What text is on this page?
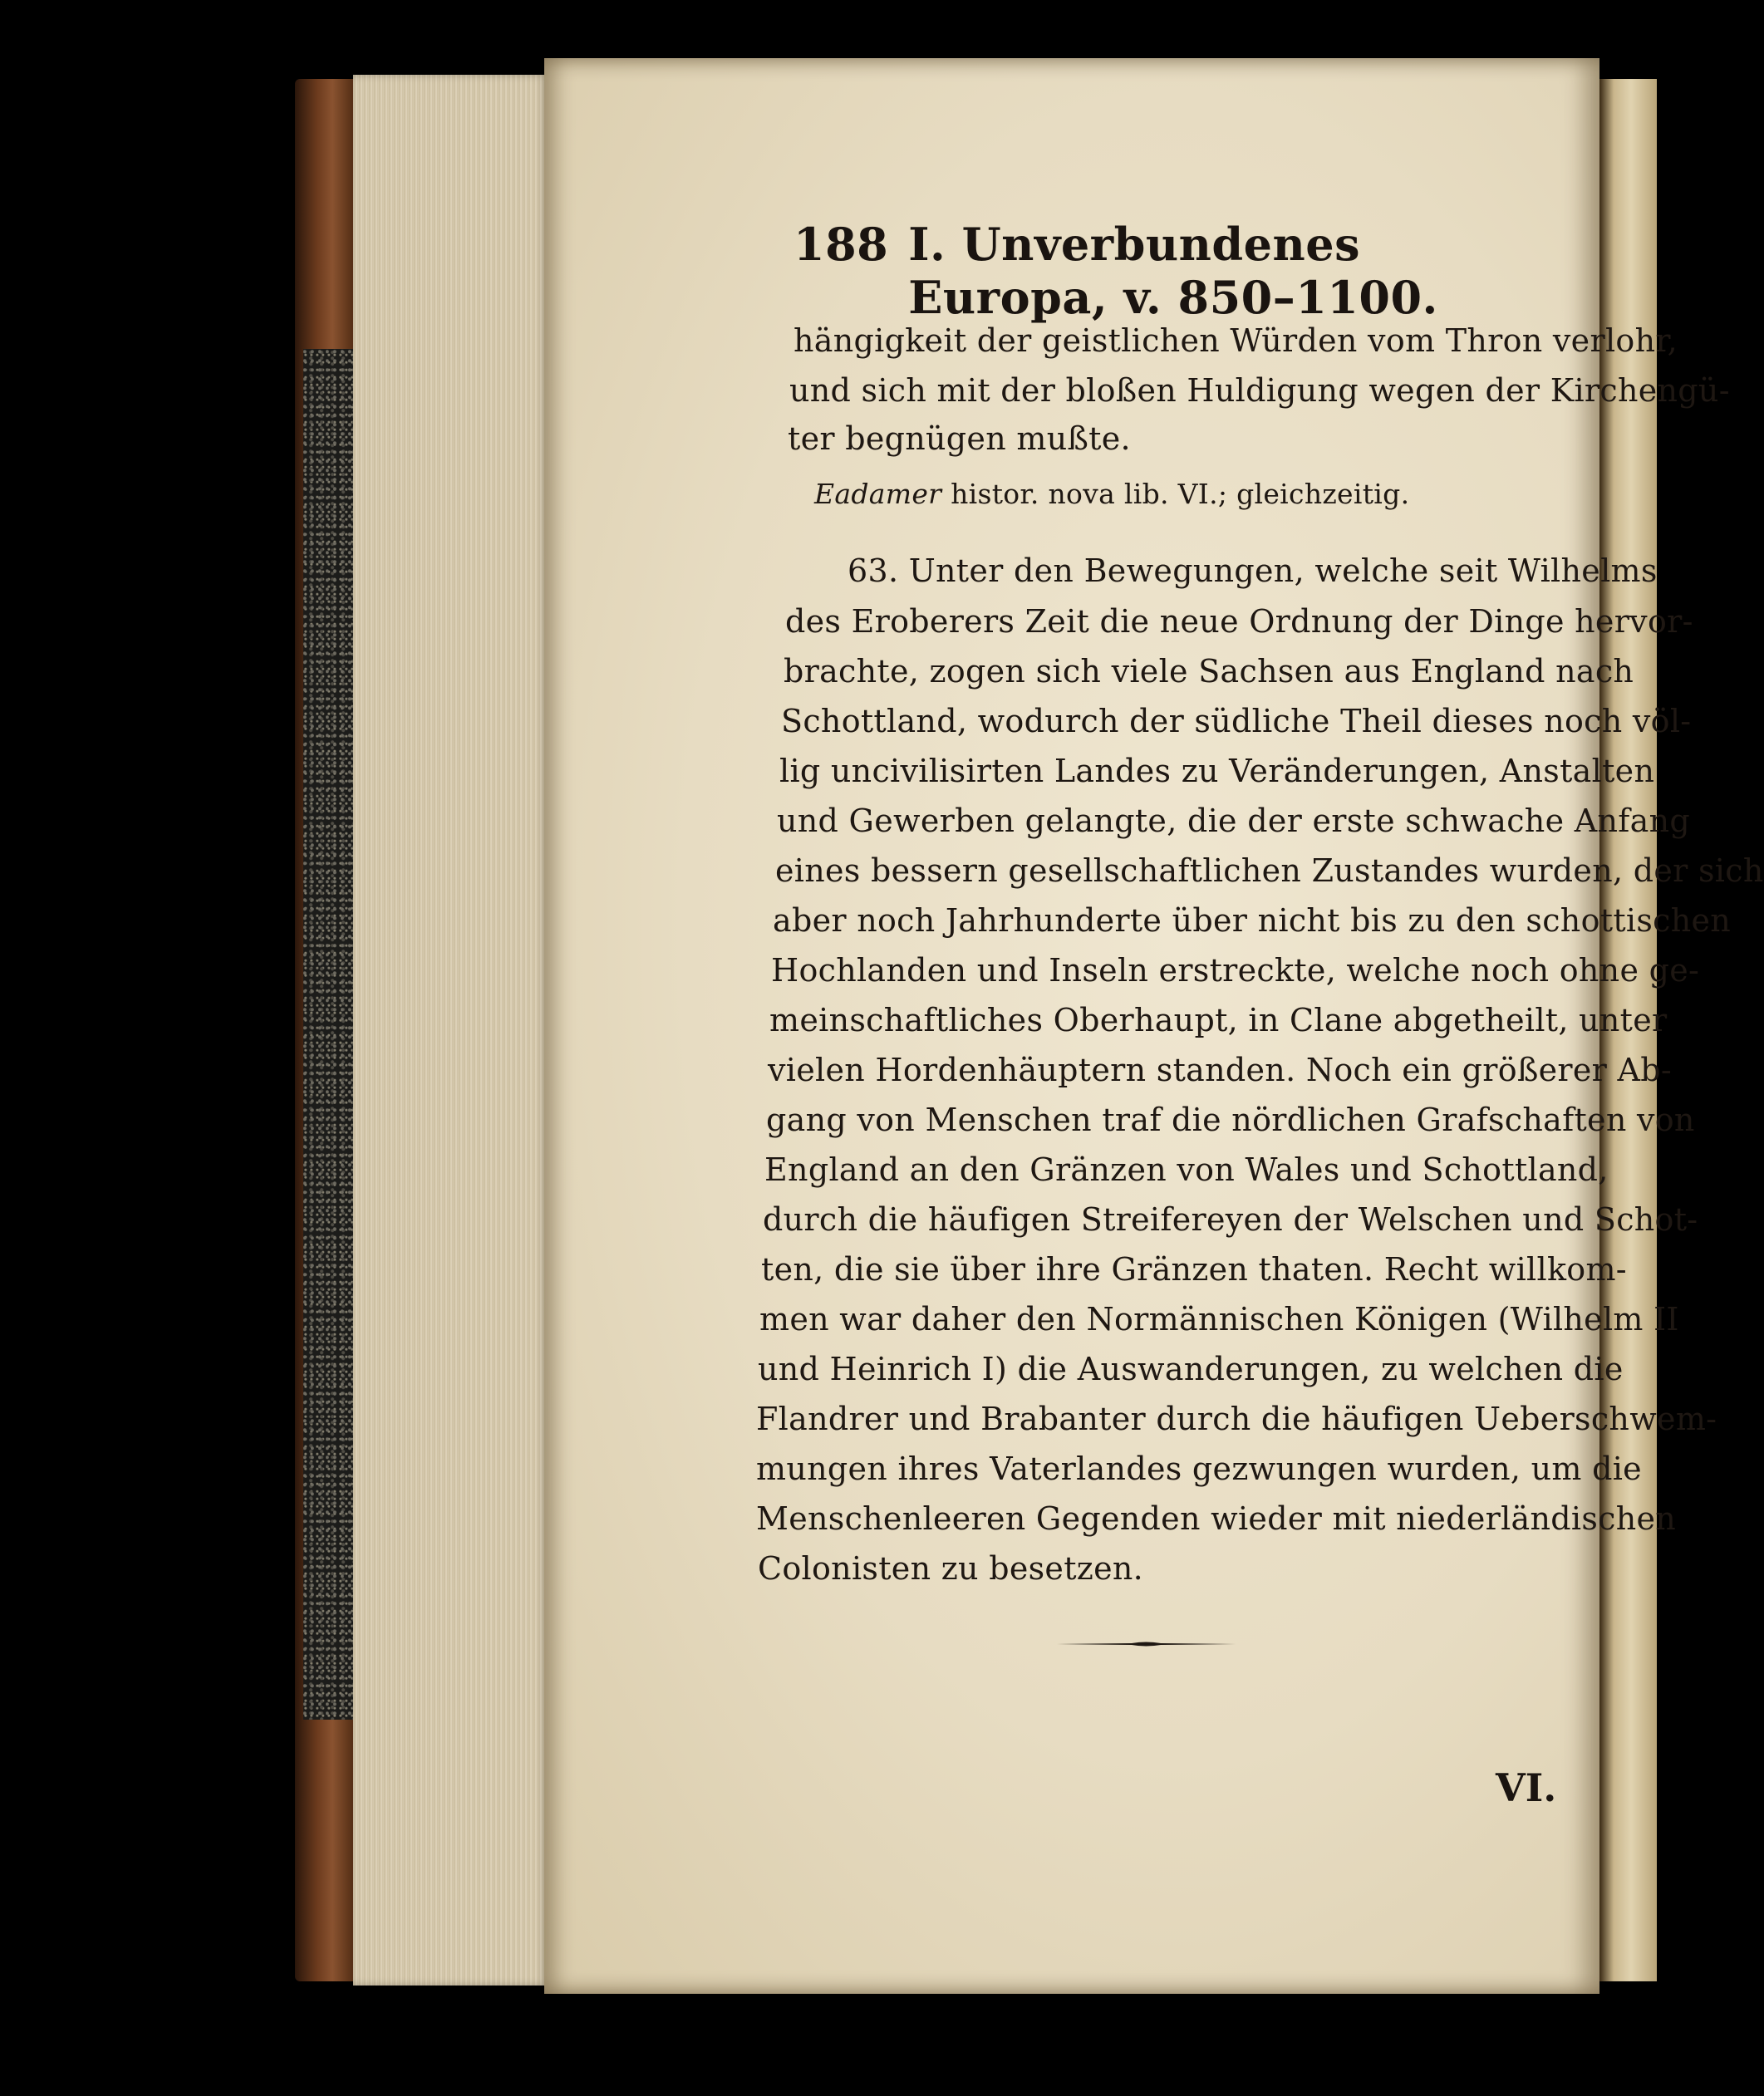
188 I. Unverbundenes Europa, v. 850–1100.
hängigkeit der geistlichen Würden vom Thron verlohr,
und sich mit der bloßen Huldigung wegen der Kirchengü-
ter begnügen mußte.
Eadamer histor. nova lib. VI.; gleichzeitig.
63. Unter den Bewegungen, welche seit Wilhelms
des Eroberers Zeit die neue Ordnung der Dinge hervor-
brachte, zogen sich viele Sachsen aus England nach
Schottland, wodurch der südliche Theil dieses noch völ-
lig uncivilisirten Landes zu Veränderungen, Anstalten
und Gewerben gelangte, die der erste schwache Anfang
eines bessern gesellschaftlichen Zustandes wurden, der sich
aber noch Jahrhunderte über nicht bis zu den schottischen
Hochlanden und Inseln erstreckte, welche noch ohne ge-
meinschaftliches Oberhaupt, in Clane abgetheilt, unter
vielen Hordenhäuptern standen. Noch ein größerer Ab-
gang von Menschen traf die nördlichen Grafschaften von
England an den Gränzen von Wales und Schottland,
durch die häufigen Streifereyen der Welschen und Schot-
ten, die sie über ihre Gränzen thaten. Recht willkom-
men war daher den Normännischen Königen (Wilhelm II
und Heinrich I) die Auswanderungen, zu welchen die
Flandrer und Brabanter durch die häufigen Ueberschwem-
mungen ihres Vaterlandes gezwungen wurden, um die
Menschenleeren Gegenden wieder mit niederländischen
Colonisten zu besetzen.
VI.
